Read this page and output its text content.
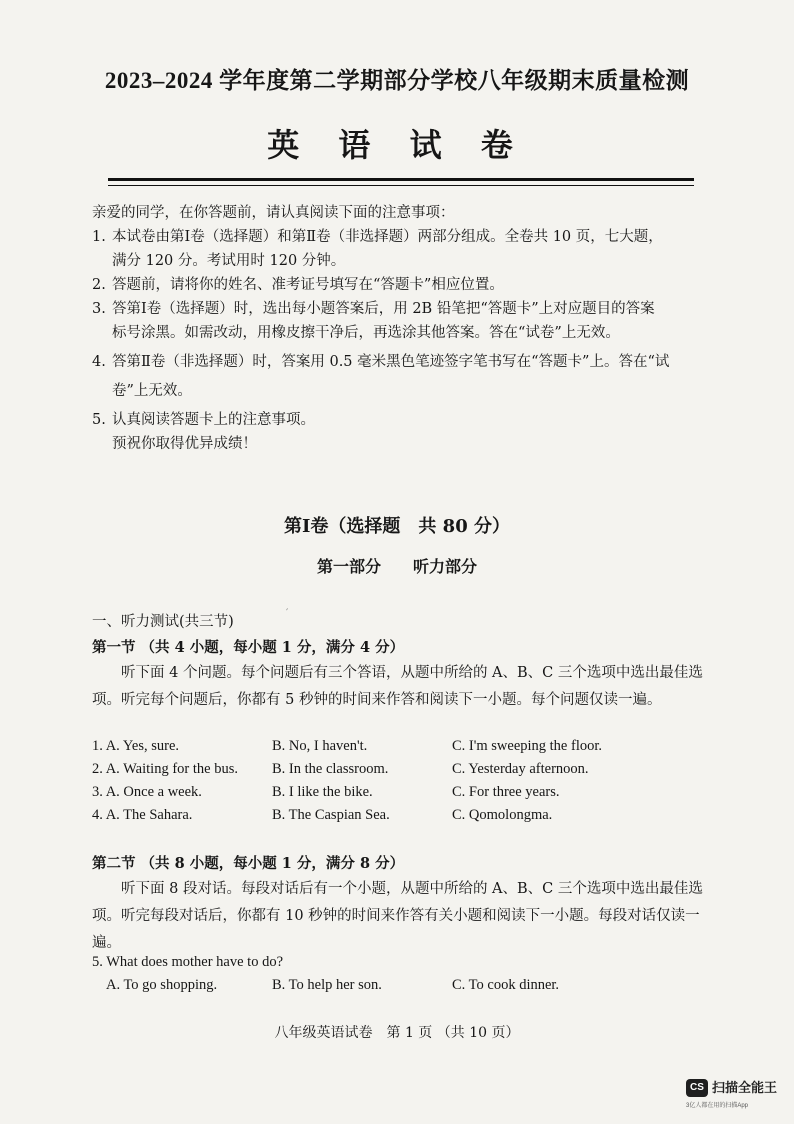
2023–2024 学年度第二学期部分学校八年级期末质量检测
英 语 试 卷
亲爱的同学，在你答题前，请认真阅读下面的注意事项：
1. 本试卷由第Ⅰ卷（选择题）和第Ⅱ卷（非选择题）两部分组成。全卷共 10 页，七大题，
满分 120 分。考试用时 120 分钟。
2. 答题前，请将你的姓名、准考证号填写在“答题卡”相应位置。
3. 答第Ⅰ卷（选择题）时，选出每小题答案后，用 2B 铅笔把“答题卡”上对应题目的答案
标号涂黑。如需改动，用橡皮擦干净后，再选涂其他答案。答在“试卷”上无效。
4. 答第Ⅱ卷（非选择题）时，答案用 0.5 毫米黑色笔迹签字笔书写在“答题卡”上。答在“试
卷”上无效。
5. 认真阅读答题卡上的注意事项。
预祝你取得优异成绩！
第Ⅰ卷（选择题　共 80 分）
第一部分　　听力部分
′
一、听力测试(共三节)
第一节 （共 4 小题，每小题 1 分，满分 4 分）
听下面 4 个问题。每个问题后有三个答语，从题中所给的 A、B、C 三个选项中选出最佳选项。听完每个问题后，你都有 5 秒钟的时间来作答和阅读下一小题。每个问题仅读一遍。
1. A. Yes, sure.	B. No, I haven't.	C. I'm sweeping the floor.
2. A. Waiting for the bus. B. In the classroom.	C. Yesterday afternoon.
3. A. Once a week.	B. I like the bike.	C. For three years.
4. A. The Sahara.	B. The Caspian Sea.	C. Qomolongma.
第二节 （共 8 小题，每小题 1 分，满分 8 分）
听下面 8 段对话。每段对话后有一个小题，从题中所给的 A、B、C 三个选项中选出最佳选项。听完每段对话后，你都有 10 秒钟的时间来作答有关小题和阅读下一小题。每段对话仅读一遍。
5. What does mother have to do?
A. To go shopping.	B. To help her son.	C. To cook dinner.
八年级英语试卷　第 1 页 （共 10 页）
CS 扫描全能王
3亿人都在用的扫描App
